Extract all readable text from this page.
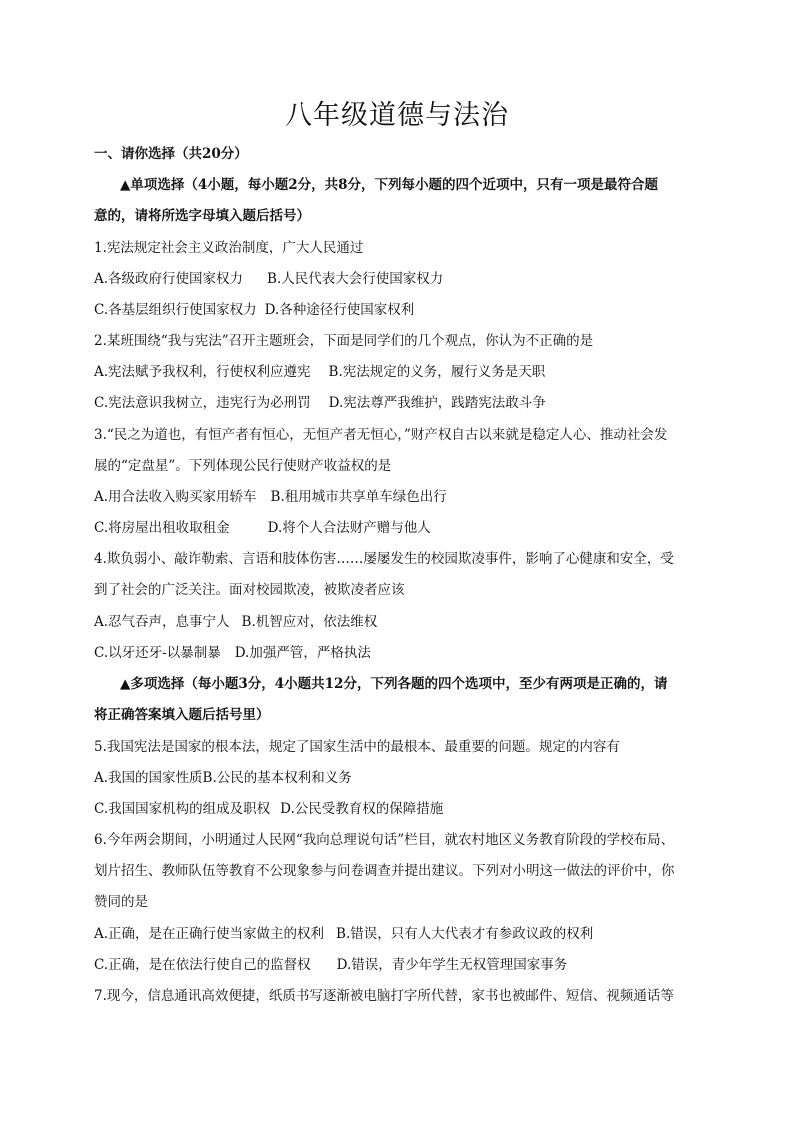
八年级道德与法治
一、请你选择（共20分）
▲单项选择（4小题，每小题2分，共8分，下列每小题的四个近项中，只有一项是最符合题
意的，请将所选字母填入题后括号）
1.宪法规定社会主义政治制度，广大人民通过
A.各级政府行使国家权力 B.人民代表大会行使国家权力
C.各基层组织行使国家权力 D.各种途径行使国家权利
2.某班围绕“我与宪法”召开主题班会，下面是同学们的几个观点，你认为不正确的是
A.宪法赋予我权利，行使权利应遵宪 B.宪法规定的义务，履行义务是天职
C.宪法意识我树立，违宪行为必刑罚 D.宪法尊严我维护，践踏宪法敢斗争
3.“民之为道也，有恒产者有恒心，无恒产者无恒心，”财产权自古以来就是稳定人心、推动社会发
展的“定盘星”。下列体现公民行使财产收益权的是
A.用合法收入购买家用轿车 B.租用城市共享单车绿色出行
C.将房屋出租收取租金	D.将个人合法财产赠与他人
4.欺负弱小、敲诈勒索、言语和肢体伤害……屡屡发生的校园欺凌事件，影响了心健康和安全，受
到了社会的广泛关注。面对校园欺凌，被欺凌者应该
A.忍气吞声，息事宁人 B.机智应对，依法维权
C.以牙还牙-以暴制暴 D.加强严管，严格执法
▲多项选择（每小题3分，4小题共12分，下列各题的四个选项中，至少有两项是正确的，请
将正确答案填入题后括号里）
5.我国宪法是国家的根本法，规定了国家生活中的最根本、最重要的问题。规定的内容有
A.我国的国家性质B.公民的基本权利和义务
C.我国国家机构的组成及职权 D.公民受教育权的保障措施
6.今年两会期间，小明通过人民网“我向总理说句话”栏目，就农村地区义务教育阶段的学校布局、
划片招生、教师队伍等教育不公现象参与问卷调查并提出建议。下列对小明这一做法的评价中，你
赞同的是
A.正确，是在正确行使当家做主的权利 B.错误，只有人大代表才有参政议政的权利
C.正确，是在依法行使自己的监督权 D.错误，青少年学生无权管理国家事务
7.现今，信息通讯高效便捷，纸质书写逐渐被电脑打字所代替，家书也被邮件、短信、视频通话等
